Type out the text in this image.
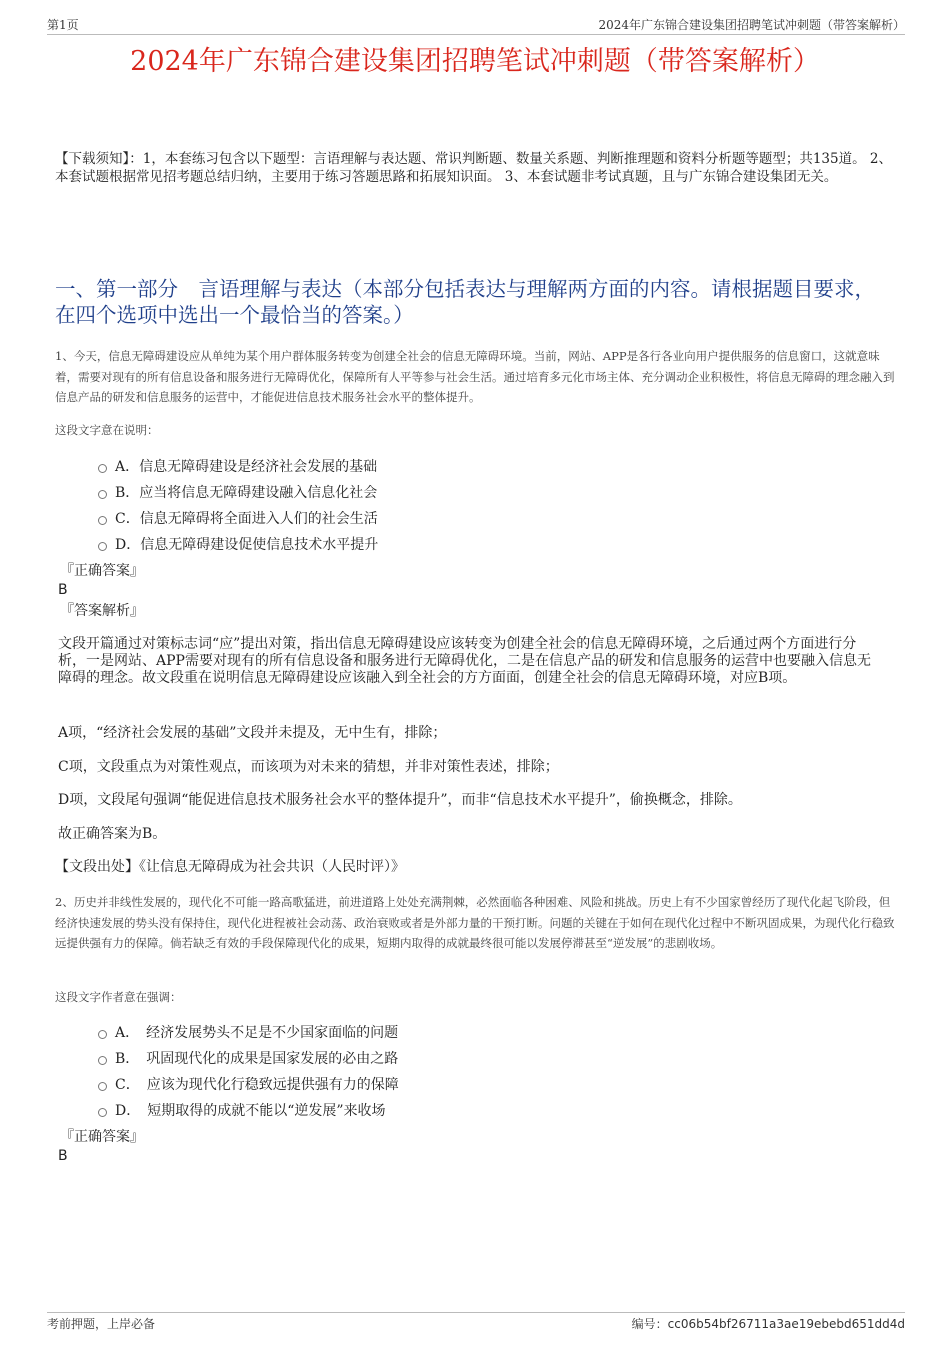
第1页	2024年广东锦合建设集团招聘笔试冲刺题（带答案解析）
2024年广东锦合建设集团招聘笔试冲刺题（带答案解析）
【下载须知】：1，本套练习包含以下题型：言语理解与表达题、常识判断题、数量关系题、判断推理题和资料分析题等题型；共135道。 2、本套试题根据常见招考题总结归纳，主要用于练习答题思路和拓展知识面。 3、本套试题非考试真题，且与广东锦合建设集团无关。
一、第一部分　言语理解与表达（本部分包括表达与理解两方面的内容。请根据题目要求，在四个选项中选出一个最恰当的答案。）
1、今天，信息无障碍建设应从单纯为某个用户群体服务转变为创建全社会的信息无障碍环境。当前，网站、APP是各行各业向用户提供服务的信息窗口，这就意味着，需要对现有的所有信息设备和服务进行无障碍优化，保障所有人平等参与社会生活。通过培育多元化市场主体、充分调动企业积极性，将信息无障碍的理念融入到信息产品的研发和信息服务的运营中，才能促进信息技术服务社会水平的整体提升。
这段文字意在说明：
A．信息无障碍建设是经济社会发展的基础
B．应当将信息无障碍建设融入信息化社会
C．信息无障碍将全面进入人们的社会生活
D．信息无障碍建设促使信息技术水平提升
『正确答案』
B
『答案解析』
文段开篇通过对策标志词“应”提出对策，指出信息无障碍建设应该转变为创建全社会的信息无障碍环境，之后通过两个方面进行分析，一是网站、APP需要对现有的所有信息设备和服务进行无障碍优化，二是在信息产品的研发和信息服务的运营中也要融入信息无障碍的理念。故文段重在说明信息无障碍建设应该融入到全社会的方方面面，创建全社会的信息无障碍环境，对应B项。
A项，“经济社会发展的基础”文段并未提及，无中生有，排除；
C项，文段重点为对策性观点，而该项为对未来的猜想，并非对策性表述，排除；
D项，文段尾句强调“能促进信息技术服务社会水平的整体提升”，而非“信息技术水平提升”，偷换概念，排除。
故正确答案为B。
【文段出处】《让信息无障碍成为社会共识（人民时评）》
2、历史并非线性发展的，现代化不可能一路高歌猛进，前进道路上处处充满荆棘，必然面临各种困难、风险和挑战。历史上有不少国家曾经历了现代化起飞阶段，但经济快速发展的势头没有保持住，现代化进程被社会动荡、政治衰败或者是外部力量的干预打断。问题的关键在于如何在现代化过程中不断巩固成果，为现代化行稳致远提供强有力的保障。倘若缺乏有效的手段保障现代化的成果，短期内取得的成就最终很可能以发展停滞甚至“逆发展”的悲剧收场。
这段文字作者意在强调：
A．　经济发展势头不足是不少国家面临的问题
B．　巩固现代化的成果是国家发展的必由之路
C．　应该为现代化行稳致远提供强有力的保障
D．　短期取得的成就不能以“逆发展”来收场
『正确答案』
B
考前押题，上岸必备	编号：cc06b54bf26711a3ae19ebebd651dd4d
